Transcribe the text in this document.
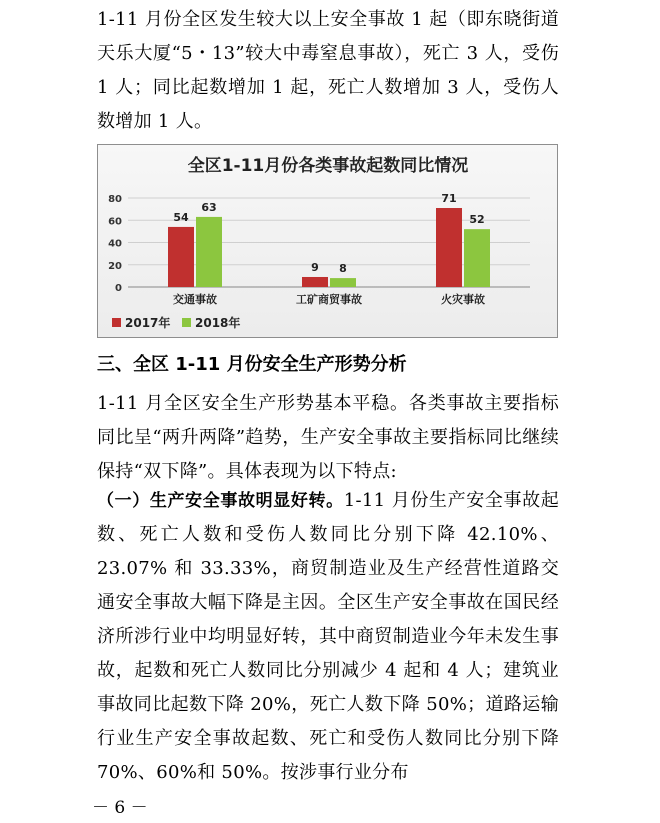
1-11 月份全区发生较大以上安全事故 1 起（即东晓街道天乐大厦“5・13”较大中毒窒息事故），死亡 3 人，受伤 1 人；同比起数增加 1 起，死亡人数增加 3 人，受伤人数增加 1 人。

全区1-11月份各类事故起数同比情况
0
20
40
60
80
54
63
交通事故
9 8
工矿商贸事故
71
52
火灾事故
2017年 2018年
三、全区 1-11 月份安全生产形势分析

1-11 月全区安全生产形势基本平稳。各类事故主要指标同比呈“两升两降”趋势，生产安全事故主要指标同比继续保持“双下降”。具体表现为以下特点:

（一）生产安全事故明显好转。1-11 月份生产安全事故起数、死亡人数和受伤人数同比分别下降 42.10%、23.07% 和 33.33%，商贸制造业及生产经营性道路交通安全事故大幅下降是主因。全区生产安全事故在国民经济所涉行业中均明显好转，其中商贸制造业今年未发生事故，起数和死亡人数同比分别减少 4 起和 4 人；建筑业事故同比起数下降 20%，死亡人数下降 50%；道路运输行业生产安全事故起数、死亡和受伤人数同比分别下降 70%、60%和 50%。按涉事行业分布

－ 6 －
